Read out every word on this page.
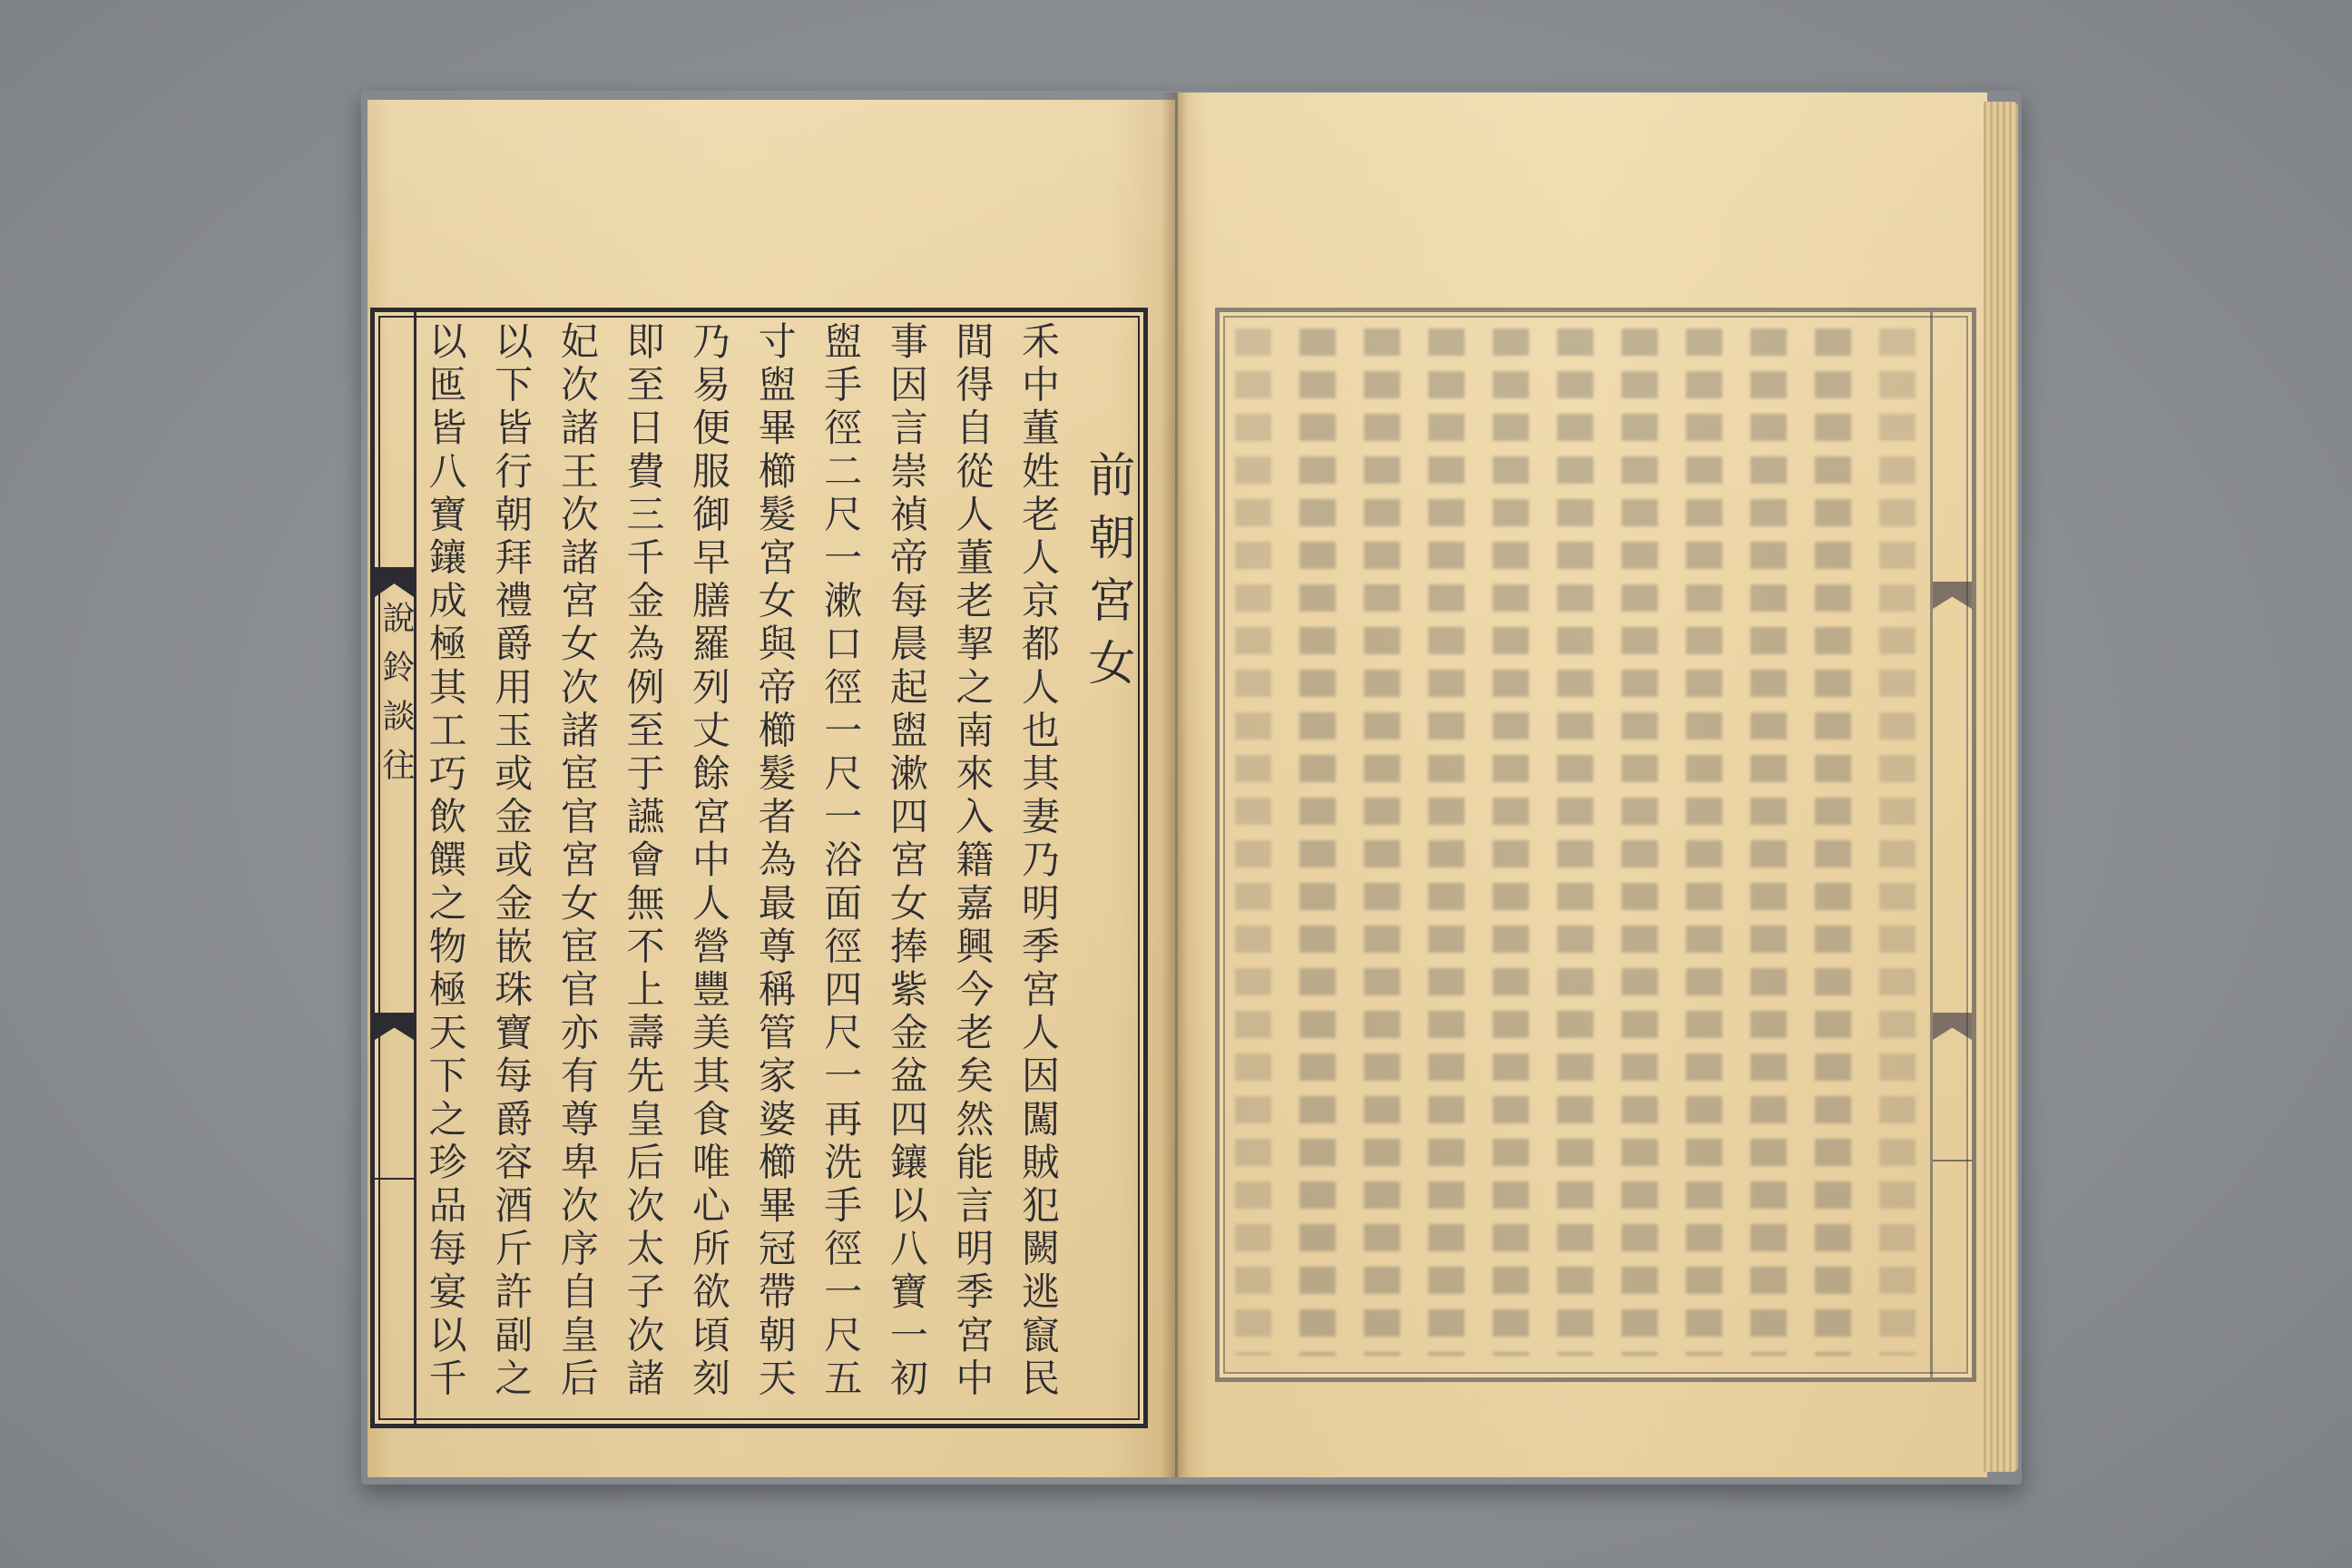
說鈴談往	前朝宮女
禾中董姓老人京都人也其妻乃明季宮人因闖賊犯闕逃竄民
間得自從人董老挈之南來入籍嘉興今老矣然能言明季宮中
事因言崇禎帝每晨起盥漱四宮女捧紫金盆四鑲以八寶一初
盥手徑二尺一漱口徑一尺一浴面徑四尺一再洗手徑一尺五
寸盥畢櫛髮宮女與帝櫛髮者為最尊稱管家婆櫛畢冠帶朝天
乃易便服御早膳羅列丈餘宮中人營豐美其食唯心所欲頃刻
即至日費三千金為例至于讌會無不上壽先皇后次太子次諸
妃次諸王次諸宮女次諸宦官宮女宦官亦有尊卑次序自皇后
以下皆行朝拜禮爵用玉或金或金嵌珠寶每爵容酒斤許副之
以匜皆八寶鑲成極其工巧飲饌之物極天下之珍品每宴以千
